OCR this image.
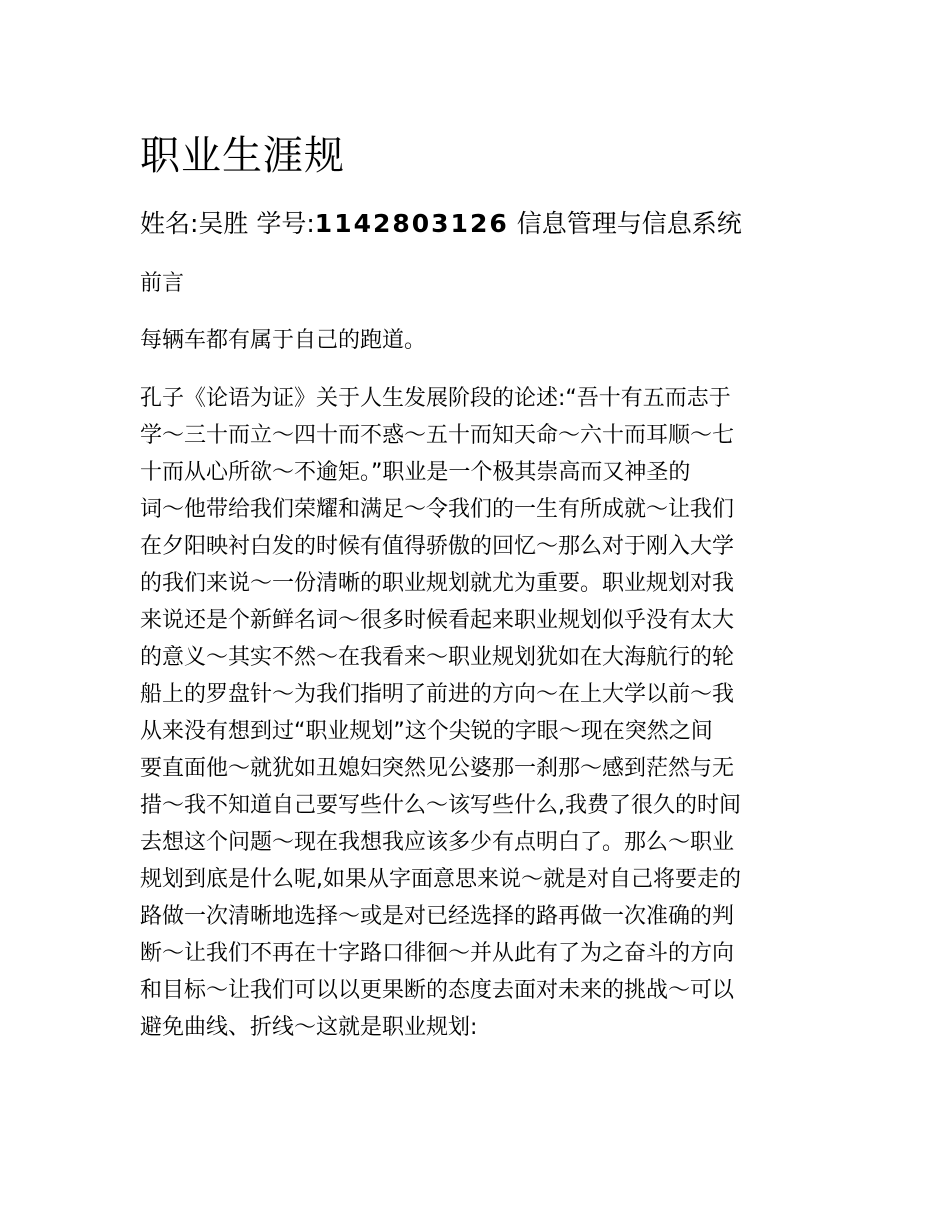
职业生涯规
姓名:吴胜 学号:1142803126 信息管理与信息系统
前言
每辆车都有属于自己的跑道。
孔子《论语为证》关于人生发展阶段的论述:“吾十有五而志于
学～三十而立～四十而不惑～五十而知天命～六十而耳顺～七
十而从心所欲～不逾矩。”职业是一个极其崇高而又神圣的
词～他带给我们荣耀和满足～令我们的一生有所成就～让我们
在夕阳映衬白发的时候有值得骄傲的回忆～那么对于刚入大学
的我们来说～一份清晰的职业规划就尤为重要。职业规划对我
来说还是个新鲜名词～很多时候看起来职业规划似乎没有太大
的意义～其实不然～在我看来～职业规划犹如在大海航行的轮
船上的罗盘针～为我们指明了前进的方向～在上大学以前～我
从来没有想到过“职业规划”这个尖锐的字眼～现在突然之间
要直面他～就犹如丑媳妇突然见公婆那一刹那～感到茫然与无
措～我不知道自己要写些什么～该写些什么,我费了很久的时间
去想这个问题～现在我想我应该多少有点明白了。那么～职业
规划到底是什么呢,如果从字面意思来说～就是对自己将要走的
路做一次清晰地选择～或是对已经选择的路再做一次准确的判
断～让我们不再在十字路口徘徊～并从此有了为之奋斗的方向
和目标～让我们可以以更果断的态度去面对未来的挑战～可以
避免曲线、折线～这就是职业规划:
